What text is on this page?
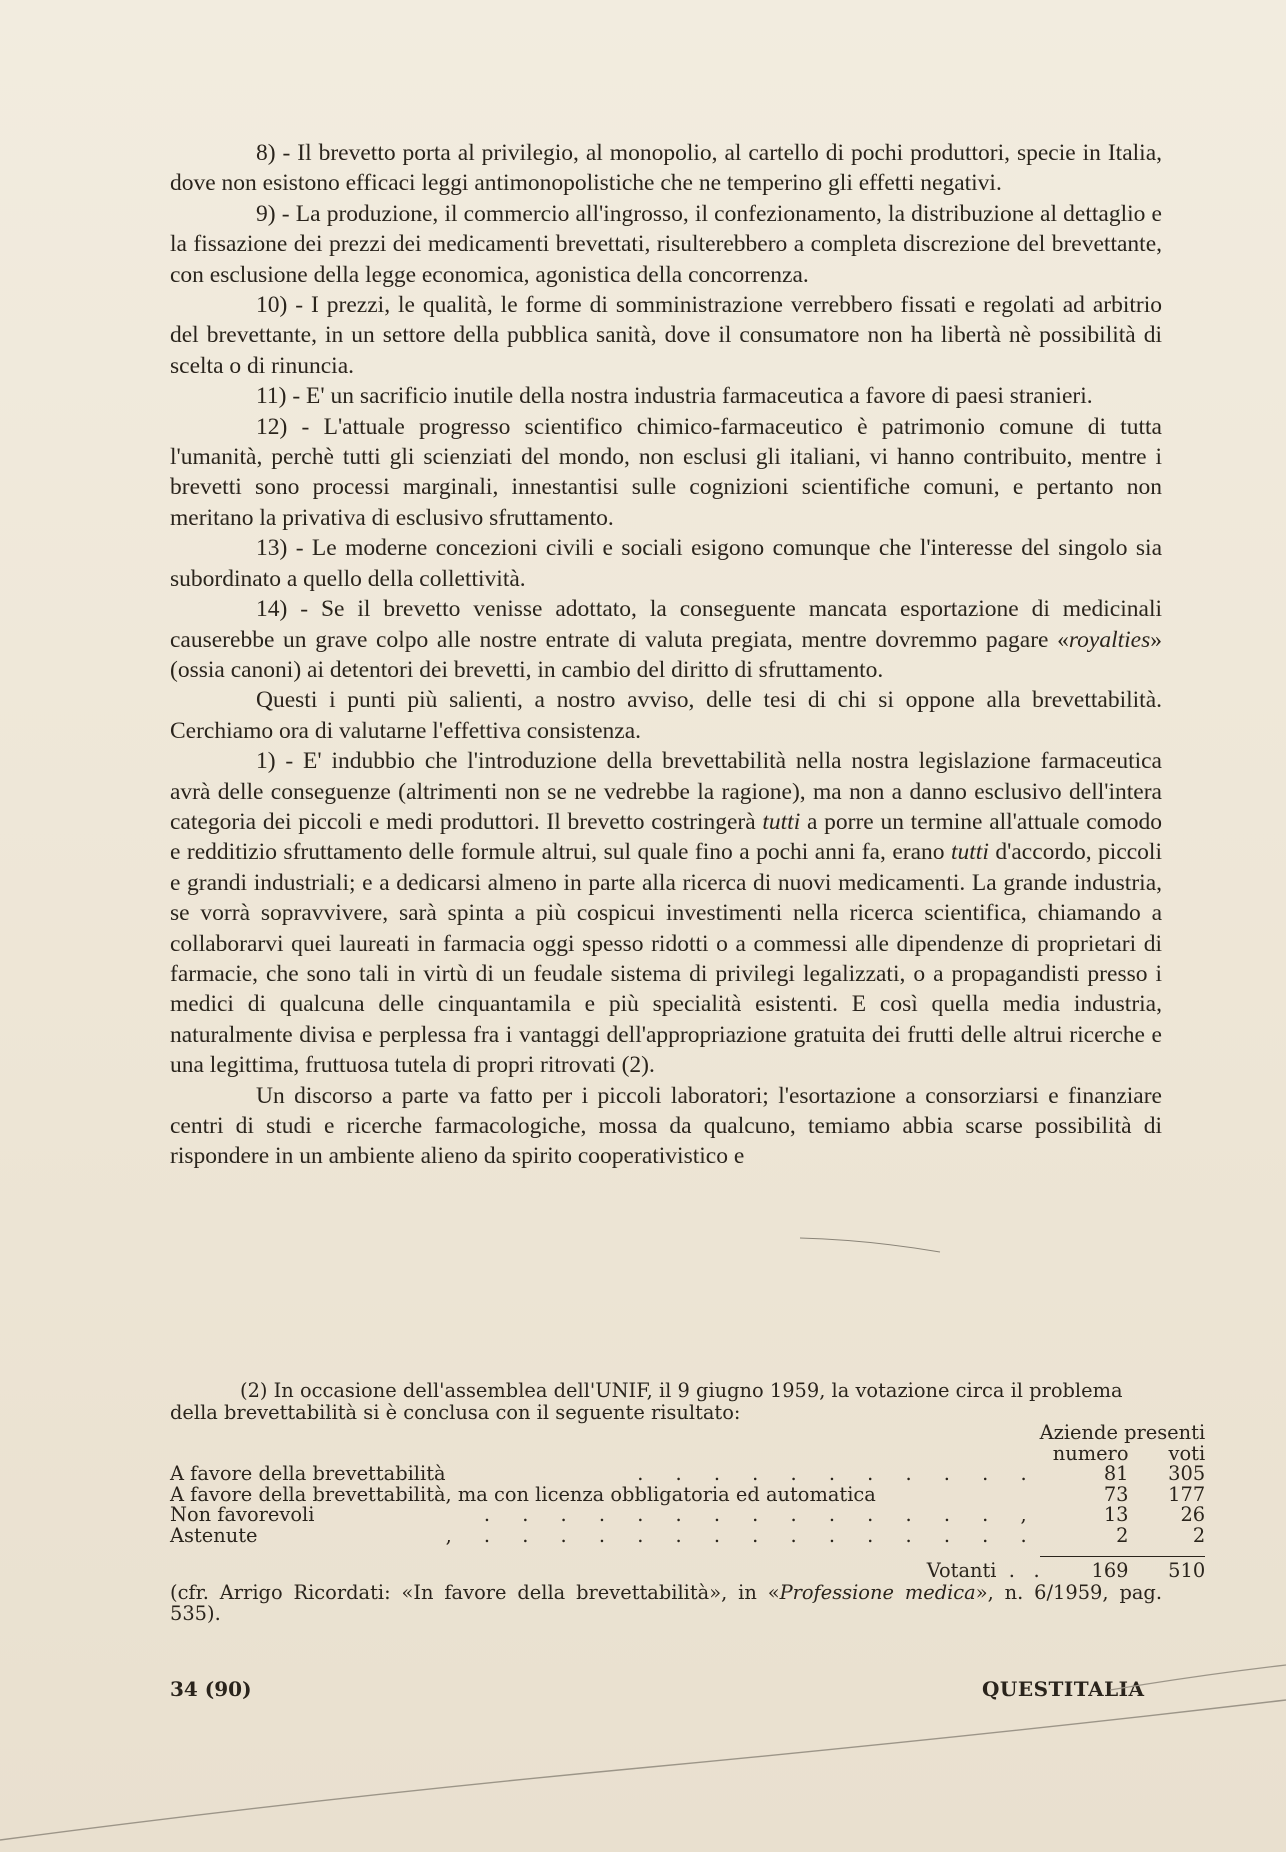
8) - Il brevetto porta al privilegio, al monopolio, al cartello di pochi produttori, specie in Italia, dove non esistono efficaci leggi antimonopolistiche che ne temperino gli effetti negativi.

9) - La produzione, il commercio all'ingrosso, il confezionamento, la distribuzione al dettaglio e la fissazione dei prezzi dei medicamenti brevettati, risulterebbero a completa discrezione del brevettante, con esclusione della legge economica, agonistica della concorrenza.

10) - I prezzi, le qualità, le forme di somministrazione verrebbero fissati e regolati ad arbitrio del brevettante, in un settore della pubblica sanità, dove il consumatore non ha libertà nè possibilità di scelta o di rinuncia.

11) - E' un sacrificio inutile della nostra industria farmaceutica a favore di paesi stranieri.

12) - L'attuale progresso scientifico chimico-farmaceutico è patrimonio comune di tutta l'umanità, perchè tutti gli scienziati del mondo, non esclusi gli italiani, vi hanno contribuito, mentre i brevetti sono processi marginali, innestantisi sulle cognizioni scientifiche comuni, e pertanto non meritano la privativa di esclusivo sfruttamento.

13) - Le moderne concezioni civili e sociali esigono comunque che l'interesse del singolo sia subordinato a quello della collettività.

14) - Se il brevetto venisse adottato, la conseguente mancata esportazione di medicinali causerebbe un grave colpo alle nostre entrate di valuta pregiata, mentre dovremmo pagare «royalties» (ossia canoni) ai detentori dei brevetti, in cambio del diritto di sfruttamento.

Questi i punti più salienti, a nostro avviso, delle tesi di chi si oppone alla brevettabilità. Cerchiamo ora di valutarne l'effettiva consistenza.

1) - E' indubbio che l'introduzione della brevettabilità nella nostra legislazione farmaceutica avrà delle conseguenze (altrimenti non se ne vedrebbe la ragione), ma non a danno esclusivo dell'intera categoria dei piccoli e medi produttori. Il brevetto costringerà tutti a porre un termine all'attuale comodo e redditizio sfruttamento delle formule altrui, sul quale fino a pochi anni fa, erano tutti d'accordo, piccoli e grandi industriali; e a dedicarsi almeno in parte alla ricerca di nuovi medicamenti. La grande industria, se vorrà sopravvivere, sarà spinta a più cospicui investimenti nella ricerca scientifica, chiamando a collaborarvi quei laureati in farmacia oggi spesso ridotti o a commessi alle dipendenze di proprietari di farmacie, che sono tali in virtù di un feudale sistema di privilegi legalizzati, o a propagandisti presso i medici di qualcuna delle cinquantamila e più specialità esistenti. E così quella media industria, naturalmente divisa e perplessa fra i vantaggi dell'appropriazione gratuita dei frutti delle altrui ricerche e una legittima, fruttuosa tutela di propri ritrovati (2).

Un discorso a parte va fatto per i piccoli laboratori; l'esortazione a consorziarsi e finanziare centri di studi e ricerche farmacologiche, mossa da qualcuno, temiamo abbia scarse possibilità di rispondere in un ambiente alieno da spirito cooperativistico e

(2) In occasione dell'assemblea dell'UNIF, il 9 giugno 1959, la votazione circa il problema della brevettabilità si è conclusa con il seguente risultato:

		Aziende presenti	
		numero	voti
A favore della brevettabilità	. . . . . . . . . . .	81	305
A favore della brevettabilità, ma con licenza obbligatoria ed automatica		73	177
Non favorevoli	. . . . . . . . . . . . . . ,	13	26
Astenute	, . . . . . . . . . . . . . . .	2	2

	Votanti  .   .	169	510

(cfr. Arrigo Ricordati: «In favore della brevettabilità», in «Professione medica», n. 6/1959, pag. 535).

34 (90)	QUESTITALIA
